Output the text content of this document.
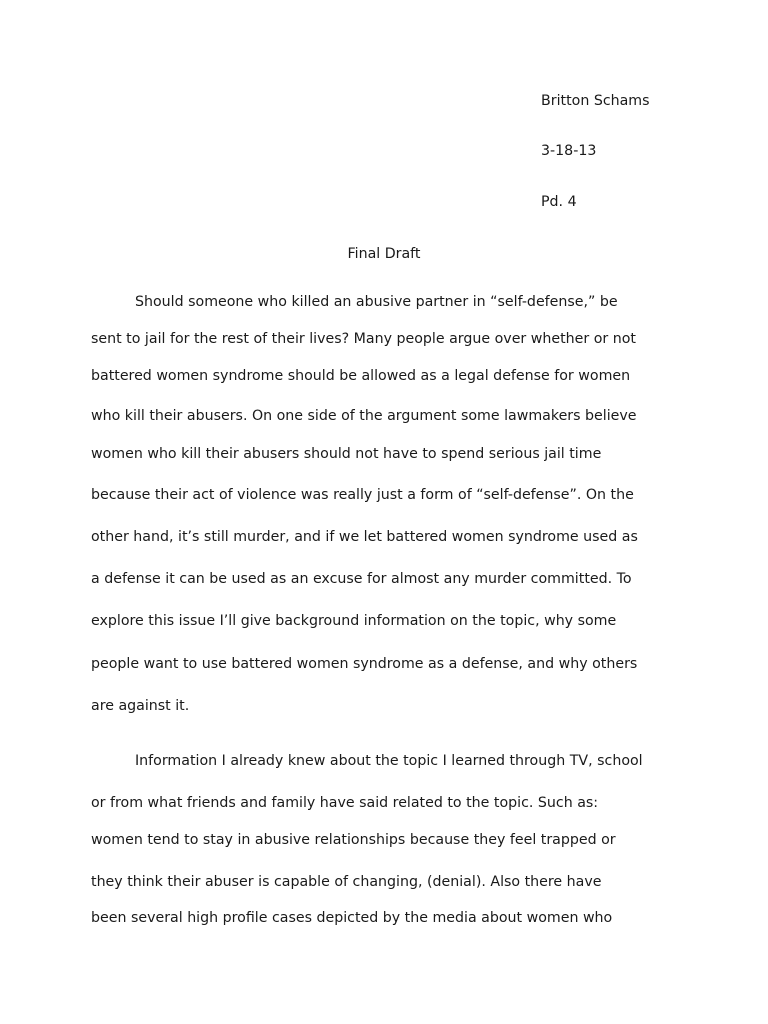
Britton Schams
3-18-13
Pd. 4
Final Draft
Should someone who killed an abusive partner in “self-defense,” be
sent to jail for the rest of their lives? Many people argue over whether or not
battered women syndrome should be allowed as a legal defense for women
who kill their abusers. On one side of the argument some lawmakers believe
women who kill their abusers should not have to spend serious jail time
because their act of violence was really just a form of “self-defense”. On the
other hand, it’s still murder, and if we let battered women syndrome used as
a defense it can be used as an excuse for almost any murder committed. To
explore this issue I’ll give background information on the topic, why some
people want to use battered women syndrome as a defense, and why others
are against it.
Information I already knew about the topic I learned through TV, school
or from what friends and family have said related to the topic. Such as:
women tend to stay in abusive relationships because they feel trapped or
they think their abuser is capable of changing, (denial). Also there have
been several high profile cases depicted by the media about women who
